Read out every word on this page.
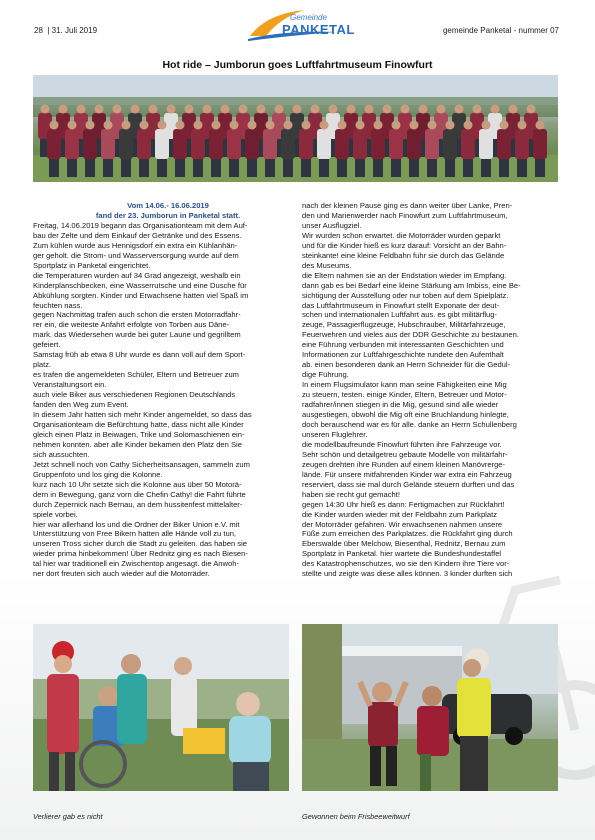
28 | 31. Juli 2019
Gemeinde
PANKETAL	gemeinde Panketal - nummer 07
Hot ride – Jumborun goes Luftfahrtmuseum Finowfurt

Vom 14.06.- 16.06.2019

fand der 23. Jumborun in Panketal statt.

Freitag, 14.06.2019 begann das Organisationteam mit dem Auf-

bau der Zelte und dem Einkauf der Getränke und des Essens.

Zum kühlen wurde aus Hennigsdorf ein extra ein Kühlanhän-

ger geholt. die Strom- und Wasserversorgung wurde auf dem

Sportplatz in Panketal eingerichtet.

die Temperaturen wurden auf 34 Grad angezeigt, weshalb ein

Kinderplanschbecken, eine Wasserrutsche und eine Dusche für

Abkühlung sorgten. Kinder und Erwachsene hatten viel Spaß im

feuchten nass.

gegen Nachmittag trafen auch schon die ersten Motorradfahr-

rer ein, die weiteste Anfahrt erfolgte von Torben aus Däne-

mark. das Wiedersehen wurde bei guter Laune und gegrilltem

gefeiert.

Samstag früh ab etwa 8 Uhr wurde es dann voll auf dem Sport-

platz.

es trafen die angemeldeten Schüler, Eltern und Betreuer zum

Veranstaltungsort ein.

auch viele Biker aus verschiedenen Regionen Deutschlands

fanden den Weg zum Event.

In diesem Jahr hatten sich mehr Kinder angemeldet, so dass das

Organisationteam die Befürchtung hatte, dass nicht alle Kinder

gleich einen Platz in Beiwagen, Trike und Solomaschienen ein-

nehmen konnten. aber alle Kinder bekamen den Platz den Sie

sich aussuchten.

Jetzt schnell noch von Cathy Sicherheitsansagen, sammeln zum

Gruppenfoto und los ging die Kolonne.

kurz nach 10 Uhr setzte sich die Kolonne aus über 50 Motorä-

dern in Bewegung, ganz vorn die Chefin Cathy! die Fahrt führte

durch Zepernick nach Bernau, an dem hussitenfest mittelalter-

spiele vorbei.

hier war allerhand los und die Ordner der Biker Union e.V. mit

Unterstützung von Free Bikern hatten alle Hände voll zu tun,

unseren Tross sicher durch die Stadt zu geleiten. das haben sie

wieder prima hinbekommen! Über Rednitz ging es nach Biesen-

tal hier war traditionell ein Zwischentop angesagt. die Anwoh-

ner dort freuten sich auch wieder auf die Motorräder.

nach der kleinen Pause ging es dann weiter über Lanke, Pren-

den und Marienwerder nach Finowfurt zum Luftfahrtmuseum,

unser Ausflugziel.

Wir wurden schon erwartet. die Motorräder wurden geparkt

und für die Kinder hieß es kurz darauf: Vorsicht an der Bahn-

steinkante! eine kleine Feldbahn fuhr sie durch das Gelände

des Museums.

die Eltern nahmen sie an der Endstation wieder im Empfang.

dann gab es bei Bedarf eine kleine Stärkung am Imbiss, eine Be-

sichtigung der Ausstellung oder nur toben auf dem Spielplatz.

das Luftfahrtmuseum in Finowfurt stellt Exponate der deut-

schen und internationalen Luftfahrt aus. es gibt militärflug-

zeuge, Passagierflugzeuge, Hubschrauber, Militärfahrzeuge,

Feuerwehren und vieles aus der DDR Geschichte zu bestaunen.

eine Führung verbunden mit interessanten Geschichten und

Informationen zur Luftfahrgeschichte rundete den Aufenthalt

ab. einen besonderen dank an Herrn Schneider für die Gedul-

dige Führung.

In einem Flugsimulator kann man seine Fähigkeiten eine Mig

zu steuern, testen. einige Kinder, Eltern, Betreuer und Motor-

radfahrer/innen stiegen in die Mig, gesund sind alle wieder

ausgestiegen, obwohl die Mig oft eine Bruchlandung hinlegte,

doch berauschend war es für alle. danke an Herrn Schullenberg

unseren Fluglehrer.

die modellbaufreunde Finowfurt führten ihre Fahrzeuge vor.

Sehr schön und detailgetreu gebaute Modelle von militärfahr-

zeugen drehten ihre Runden auf einem kleinen Manövrerge-

lände. Für unsere mitfahrenden Kinder war extra ein Fahrzeug

reserviert, dass sie mal durch Gelände steuern durften und das

haben sie recht gut gemacht!

gegen 14:30 Uhr hieß es dann: Fertigmachen zur Rückfahrt!

die Kinder wurden wieder mit der Feldbahn zum Parkplatz

der Motorräder gefahren. Wir erwachsenen nahmen unsere

Füße zum erreichen des Parkplatzes. die Rückfahrt ging durch

Eberswalde über Melchow, Biesenthal, Rednitz, Bernau zum

Sportplatz in Panketal. hier wartete die Bundeshundestaffel

des Katastrophenschutzes, wo sie den Kindern ihre Tiere vor-

stellte und zeigte was diese alles können. 3 kinder durften sich

Verlierer gab es nicht	Gewonnen beim Frisbeeweitwurf
